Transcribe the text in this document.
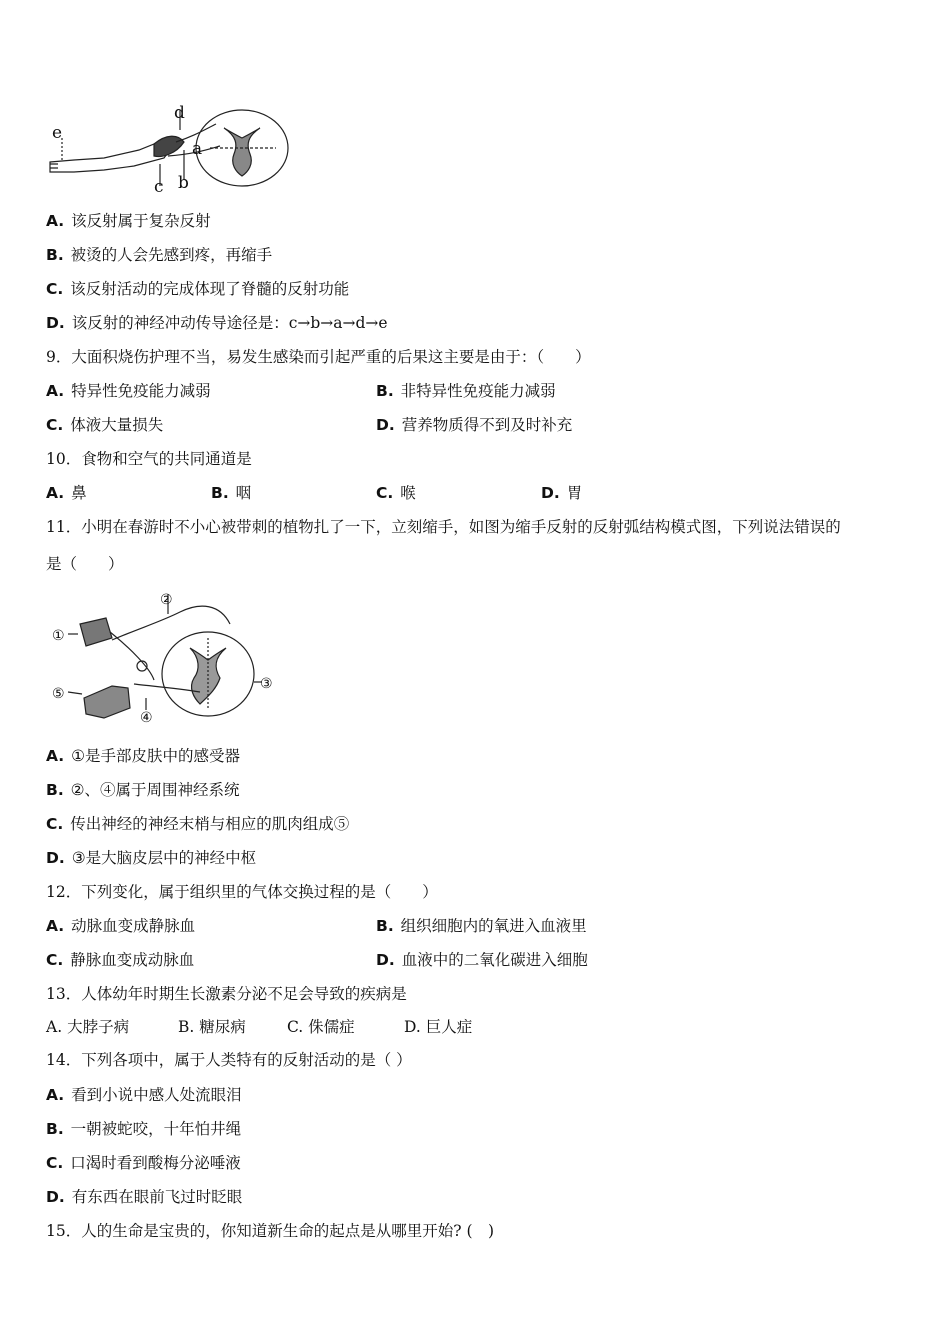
e
d
a
c b
A. 该反射属于复杂反射
B. 被烫的人会先感到疼，再缩手
C. 该反射活动的完成体现了脊髓的反射功能
D. 该反射的神经冲动传导途径是：c→b→a→d→e
9．大面积烧伤护理不当，易发生感染而引起严重的后果这主要是由于：（　　）
A. 特异性免疫能力减弱	B. 非特异性免疫能力减弱
C. 体液大量损失	D. 营养物质得不到及时补充
10．食物和空气的共同通道是
A. 鼻	B. 咽	C. 喉	D. 胃
11．小明在春游时不小心被带刺的植物扎了一下，立刻缩手，如图为缩手反射的反射弧结构模式图，下列说法错误的
是（　　）
①
②
③
④
⑤
A. ①是手部皮肤中的感受器
B. ②、④属于周围神经系统
C. 传出神经的神经末梢与相应的肌肉组成⑤
D. ③是大脑皮层中的神经中枢
12．下列变化，属于组织里的气体交换过程的是（　　）
A. 动脉血变成静脉血	B. 组织细胞内的氧进入血液里
C. 静脉血变成动脉血	D. 血液中的二氧化碳进入细胞
13．人体幼年时期生长激素分泌不足会导致的疾病是
A. 大脖子病	B. 糖尿病	C. 侏儒症	D. 巨人症
14．下列各项中，属于人类特有的反射活动的是（ ）
A. 看到小说中感人处流眼泪
B. 一朝被蛇咬，十年怕井绳
C. 口渴时看到酸梅分泌唾液
D. 有东西在眼前飞过时眨眼
15．人的生命是宝贵的，你知道新生命的起点是从哪里开始? (　)
